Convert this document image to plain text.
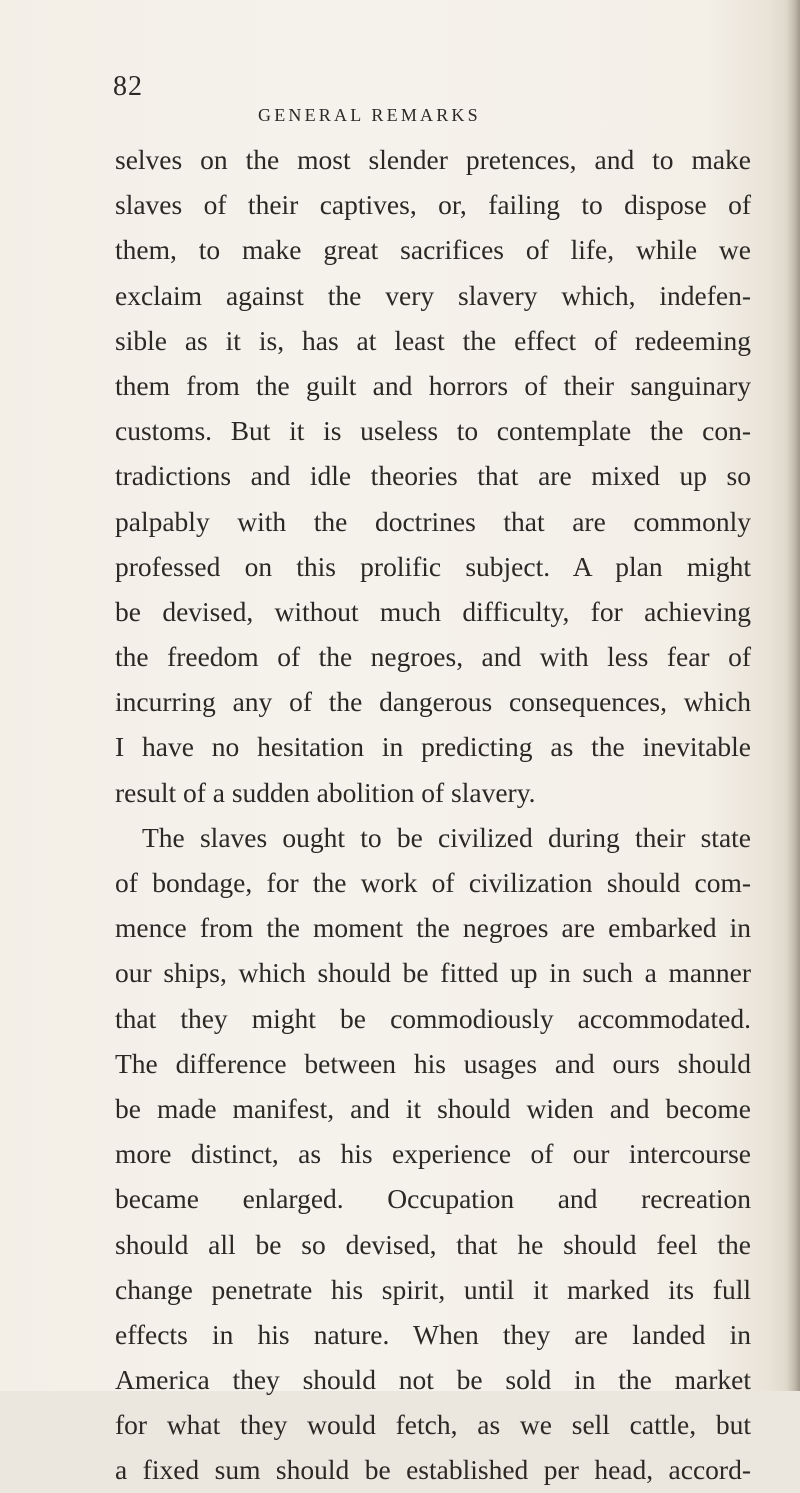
82
GENERAL REMARKS
selves on the most slender pretences, and to make
slaves of their captives, or, failing to dispose of
them, to make great sacrifices of life, while we
exclaim against the very slavery which, indefen-
sible as it is, has at least the effect of redeeming
them from the guilt and horrors of their sanguinary
customs. But it is useless to contemplate the con-
tradictions and idle theories that are mixed up so
palpably with the doctrines that are commonly
professed on this prolific subject. A plan might
be devised, without much difficulty, for achieving
the freedom of the negroes, and with less fear of
incurring any of the dangerous consequences, which
I have no hesitation in predicting as the inevitable
result of a sudden abolition of slavery.
The slaves ought to be civilized during their state
of bondage, for the work of civilization should com-
mence from the moment the negroes are embarked in
our ships, which should be fitted up in such a manner
that they might be commodiously accommodated.
The difference between his usages and ours should
be made manifest, and it should widen and become
more distinct, as his experience of our intercourse
became enlarged. Occupation and recreation
should all be so devised, that he should feel the
change penetrate his spirit, until it marked its full
effects in his nature. When they are landed in
America they should not be sold in the market
for what they would fetch, as we sell cattle, but
a fixed sum should be established per head, accord-
